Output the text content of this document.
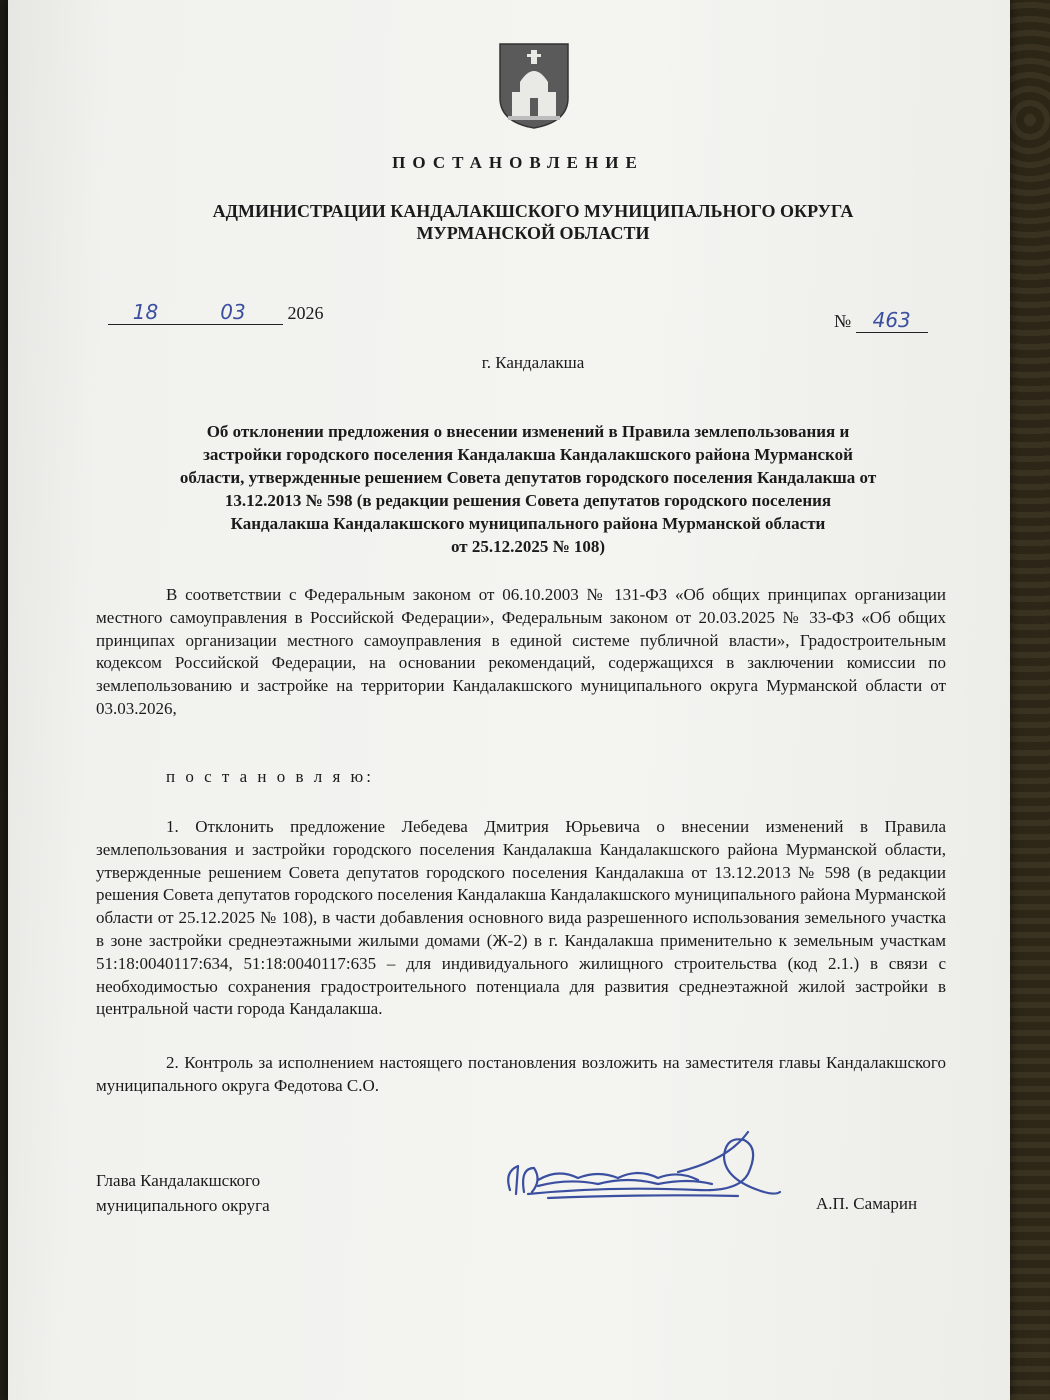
ПОСТАНОВЛЕНИЕ
АДМИНИСТРАЦИИ КАНДАЛАКШСКОГО МУНИЦИПАЛЬНОГО ОКРУГА
МУРМАНСКОЙ ОБЛАСТИ
18	03 2026	№ 463
г. Кандалакша
Об отклонении предложения о внесении изменений в Правила землепользования и
застройки городского поселения Кандалакша Кандалакшского района Мурманской
области, утвержденные решением Совета депутатов городского поселения Кандалакша от
13.12.2013 № 598 (в редакции решения Совета депутатов городского поселения
Кандалакша Кандалакшского муниципального района Мурманской области
от 25.12.2025 № 108)
В соответствии с Федеральным законом от 06.10.2003 № 131-ФЗ «Об общих принципах организации местного самоуправления в Российской Федерации», Федеральным законом от 20.03.2025 № 33-ФЗ «Об общих принципах организации местного самоуправления в единой системе публичной власти», Градостроительным кодексом Российской Федерации, на основании рекомендаций, содержащихся в заключении комиссии по землепользованию и застройке на территории Кандалакшского муниципального округа Мурманской области от 03.03.2026,
п о с т а н о в л я ю:
1. Отклонить предложение Лебедева Дмитрия Юрьевича о внесении изменений в Правила землепользования и застройки городского поселения Кандалакша Кандалакшского района Мурманской области, утвержденные решением Совета депутатов городского поселения Кандалакша от 13.12.2013 № 598 (в редакции решения Совета депутатов городского поселения Кандалакша Кандалакшского муниципального района Мурманской области от 25.12.2025 № 108), в части добавления основного вида разрешенного использования земельного участка в зоне застройки среднеэтажными жилыми домами (Ж-2) в г. Кандалакша применительно к земельным участкам 51:18:0040117:634, 51:18:0040117:635 – для индивидуального жилищного строительства (код 2.1.) в связи с необходимостью сохранения градостроительного потенциала для развития среднеэтажной жилой застройки в центральной части города Кандалакша.
2. Контроль за исполнением настоящего постановления возложить на заместителя главы Кандалакшского муниципального округа Федотова С.О.
Глава Кандалакшского
муниципального округа	А.П. Самарин
